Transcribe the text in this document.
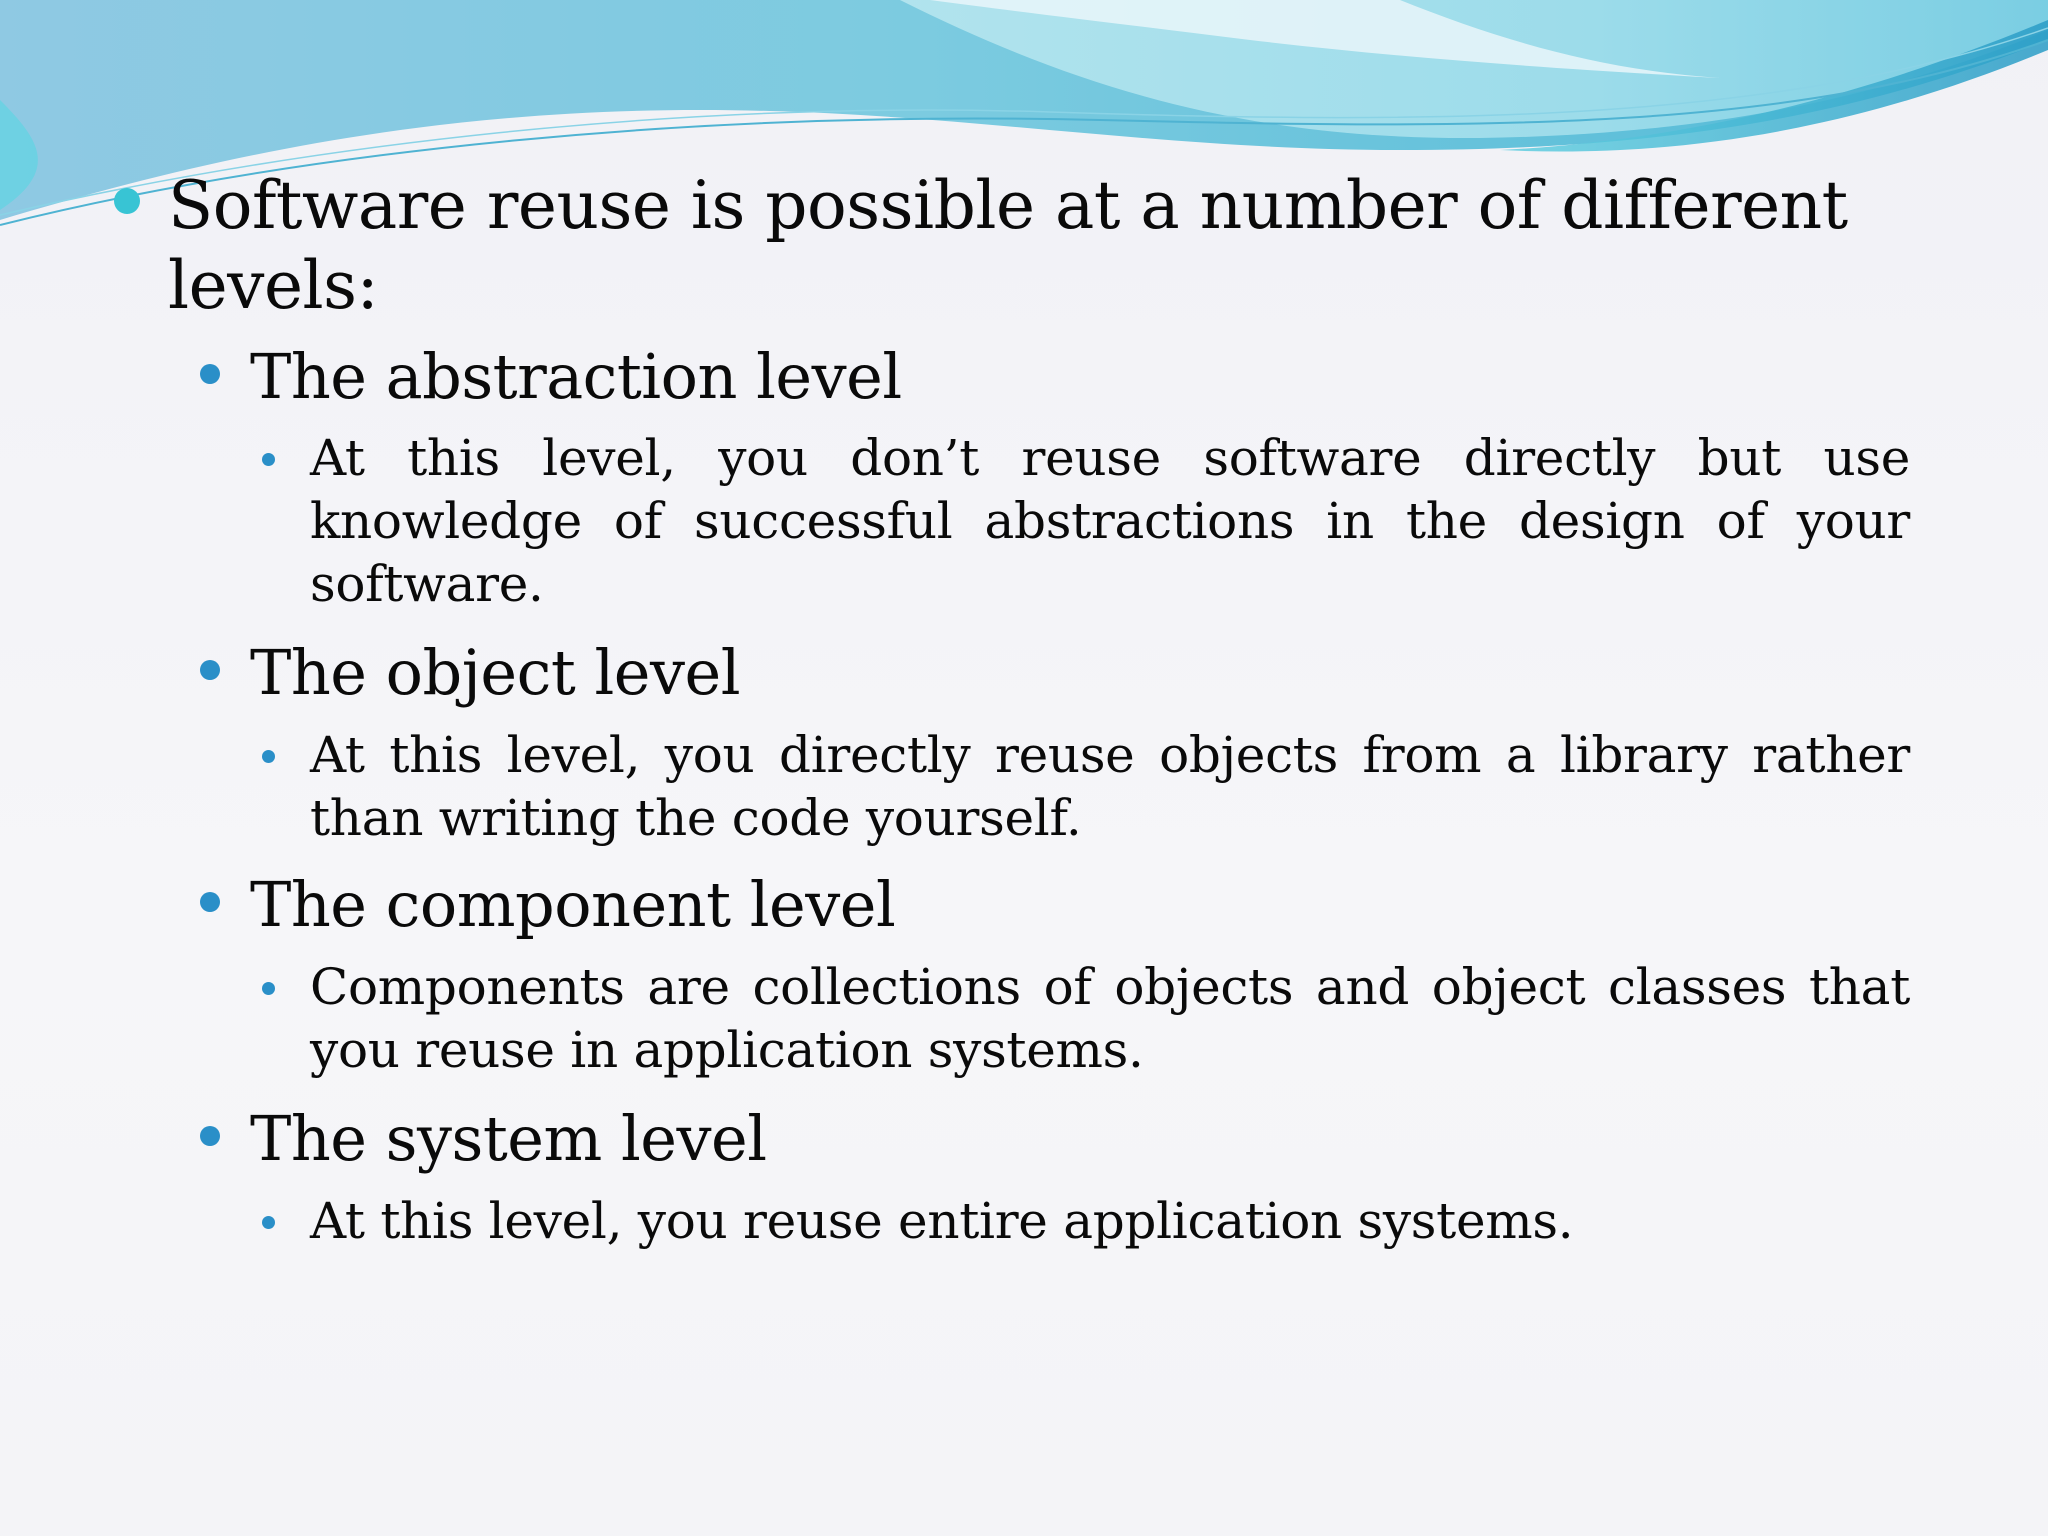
Software reuse is possible at a number of different levels:
The abstraction level
At this level, you don’t reuse software directly but use knowledge of successful abstractions in the design of your software.
The object level
At this level, you directly reuse objects from a library rather than writing the code yourself.
The component level
Components are collections of objects and object classes that you reuse in application systems.
The system level
At this level, you reuse entire application systems.
